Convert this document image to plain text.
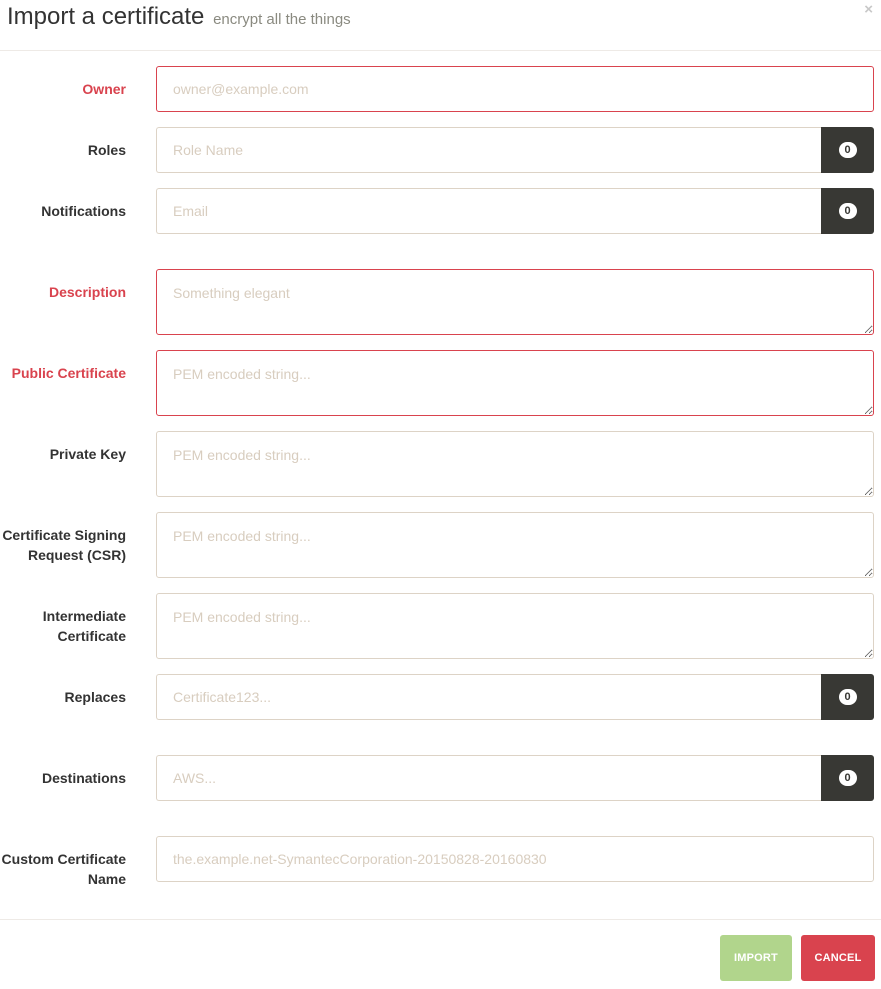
Import a certificate encrypt all the things
×
Owner
owner@example.com
Roles
Role Name	0
Notifications
Email	0
Description
Something elegant
Public Certificate
PEM encoded string...
Private Key
PEM encoded string...
Certificate Signing
Request (CSR)
PEM encoded string...
Intermediate
Certificate
PEM encoded string...
Replaces
Certificate123...	0
Destinations
AWS...	0
Custom Certificate
Name
the.example.net-SymantecCorporation-20150828-20160830
IMPORT	CANCEL
